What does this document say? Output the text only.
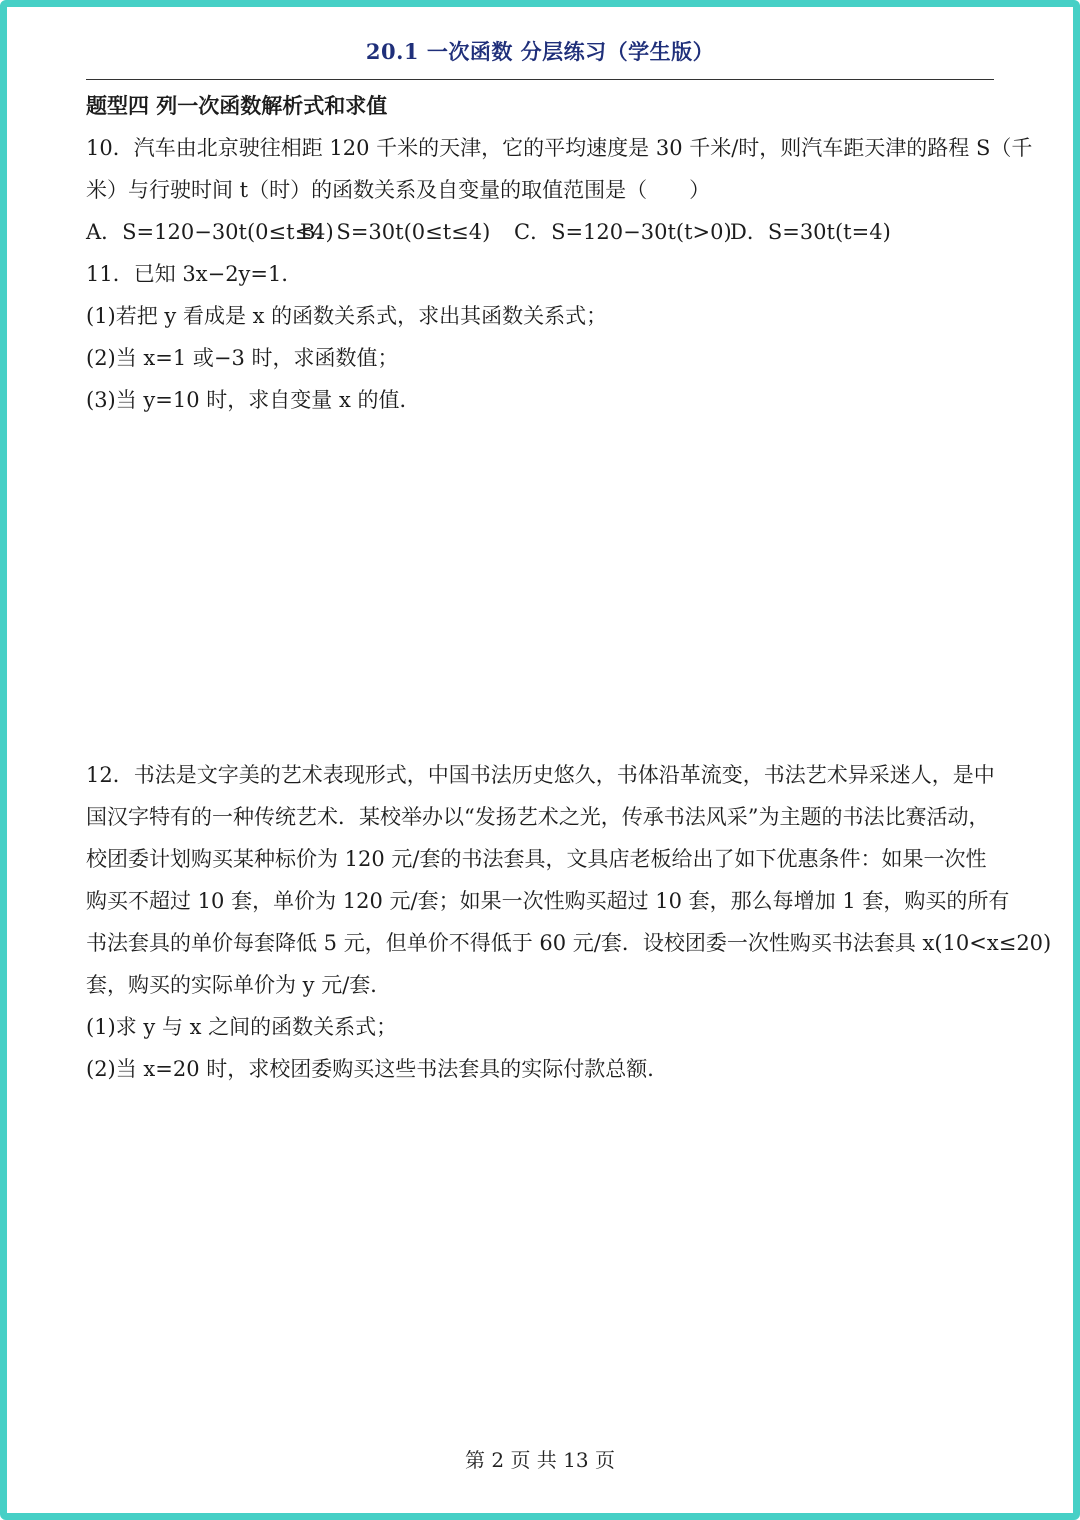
20.1 一次函数 分层练习（学生版）
题型四 列一次函数解析式和求值
10．汽车由北京驶往相距 120 千米的天津，它的平均速度是 30 千米/时，则汽车距天津的路程 S（千
米）与行驶时间 t（时）的函数关系及自变量的取值范围是（　　）
A．S=120−30t(0≤t≤4)
B．S=30t(0≤t≤4) C．S=120−30t(t>0)
D．S=30t(t=4)
11．已知 3x−2y=1．
(1)若把 y 看成是 x 的函数关系式，求出其函数关系式；
(2)当 x=1 或−3 时，求函数值；
(3)当 y=10 时，求自变量 x 的值．
12．书法是文字美的艺术表现形式，中国书法历史悠久，书体沿革流变，书法艺术异采迷人，是中
国汉字特有的一种传统艺术．某校举办以“发扬艺术之光，传承书法风采”为主题的书法比赛活动，
校团委计划购买某种标价为 120 元/套的书法套具，文具店老板给出了如下优惠条件：如果一次性
购买不超过 10 套，单价为 120 元/套；如果一次性购买超过 10 套，那么每增加 1 套，购买的所有
书法套具的单价每套降低 5 元，但单价不得低于 60 元/套．设校团委一次性购买书法套具 x(10<x≤20)
套，购买的实际单价为 y 元/套．
(1)求 y 与 x 之间的函数关系式；
(2)当 x=20 时，求校团委购买这些书法套具的实际付款总额．
第 2 页 共 13 页
